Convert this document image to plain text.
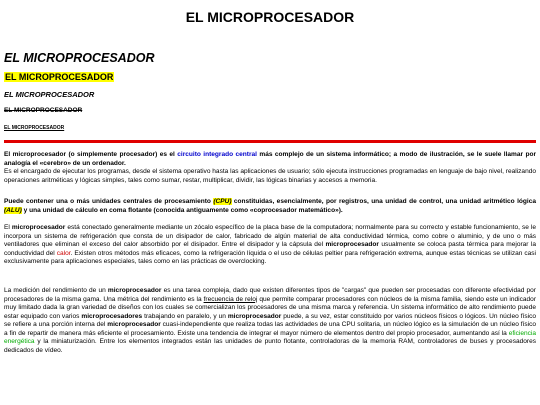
EL MICROPROCESADOR
EL MICROPROCESADOR
EL MICROPROCESADOR
EL MICROPROCESADOR
EL MICROPROCESADOR
EL MICROPROCESADOR
El microprocesador (o simplemente procesador) es el circuito integrado central más complejo de un sistema informático; a modo de ilustración, se le suele llamar por analogía el «cerebro» de un ordenador.
Es el encargado de ejecutar los programas, desde el sistema operativo hasta las aplicaciones de usuario; sólo ejecuta instrucciones programadas en lenguaje de bajo nivel, realizando operaciones aritméticas y lógicas simples, tales como sumar, restar, multiplicar, dividir, las lógicas binarias y accesos a memoria.
Puede contener una o más unidades centrales de procesamiento (CPU) constituidas, esencialmente, por registros, una unidad de control, una unidad aritmético lógica (ALU) y una unidad de cálculo en coma flotante (conocida antiguamente como «coprocesador matemático»).
El microprocesador está conectado generalmente mediante un zócalo específico de la placa base de la computadora; normalmente para su correcto y estable funcionamiento, se le incorpora un sistema de refrigeración que consta de un disipador de calor, fabricado de algún material de alta conductividad térmica, como cobre o aluminio, y de uno o más ventiladores que eliminan el exceso del calor absorbido por el disipador. Entre el disipador y la cápsula del microprocesador usualmente se coloca pasta térmica para mejorar la conductividad del calor. Existen otros métodos más eficaces, como la refrigeración líquida o el uso de células peltier para refrigeración extrema, aunque estas técnicas se utilizan casi exclusivamente para aplicaciones especiales, tales como en las prácticas de overclocking.
La medición del rendimiento de un microprocesador es una tarea compleja, dado que existen diferentes tipos de "cargas" que pueden ser procesadas con diferente efectividad por procesadores de la misma gama. Una métrica del rendimiento es la frecuencia de reloj que permite comparar procesadores con núcleos de la misma familia, siendo este un indicador muy limitado dada la gran variedad de diseños con los cuales se comercializan los procesadores de una misma marca y referencia. Un sistema informático de alto rendimiento puede estar equipado con varios microprocesadores trabajando en paralelo, y un microprocesador puede, a su vez, estar constituido por varios núcleos físicos o lógicos. Un núcleo físico se refiere a una porción interna del microprocesador cuasi-independiente que realiza todas las actividades de una CPU solitaria, un núcleo lógico es la simulación de un núcleo físico a fin de repartir de manera más eficiente el procesamiento. Existe una tendencia de integrar el mayor número de elementos dentro del propio procesador, aumentando así la eficiencia energética y la miniaturización. Entre los elementos integrados están las unidades de punto flotante, controladoras de la memoria RAM, controladores de buses y procesadores dedicados de vídeo.
